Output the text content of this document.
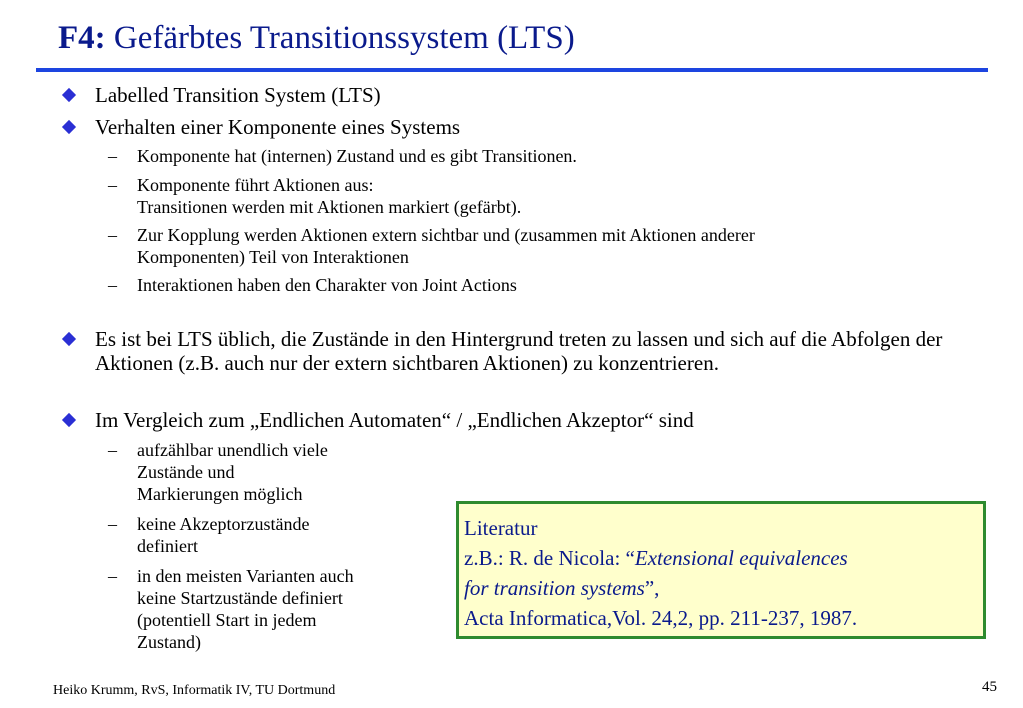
F4: Gefärbtes Transitionssystem (LTS)
Labelled Transition System (LTS)
Verhalten einer Komponente eines Systems
– Komponente hat (internen) Zustand und es gibt Transitionen.
– Komponente führt Aktionen aus:
Transitionen werden mit Aktionen markiert (gefärbt).
– Zur Kopplung werden Aktionen extern sichtbar und (zusammen mit Aktionen anderer
Komponenten) Teil von Interaktionen
– Interaktionen haben den Charakter von Joint Actions
Es ist bei LTS üblich, die Zustände in den Hintergrund treten zu lassen und sich auf die Abfolgen der Aktionen (z.B. auch nur der extern sichtbaren Aktionen) zu konzentrieren.
Im Vergleich zum „Endlichen Automaten“ / „Endlichen Akzeptor“ sind
– aufzählbar unendlich viele
Zustände und
Markierungen möglich
– keine Akzeptorzustände
definiert
– in den meisten Varianten auch
keine Startzustände definiert
(potentiell Start in jedem
Zustand)
Literatur
z.B.: R. de Nicola: “Extensional equivalences
for transition systems”,
Acta Informatica,Vol. 24,2, pp. 211-237, 1987.
Heiko Krumm, RvS, Informatik IV, TU Dortmund	45
